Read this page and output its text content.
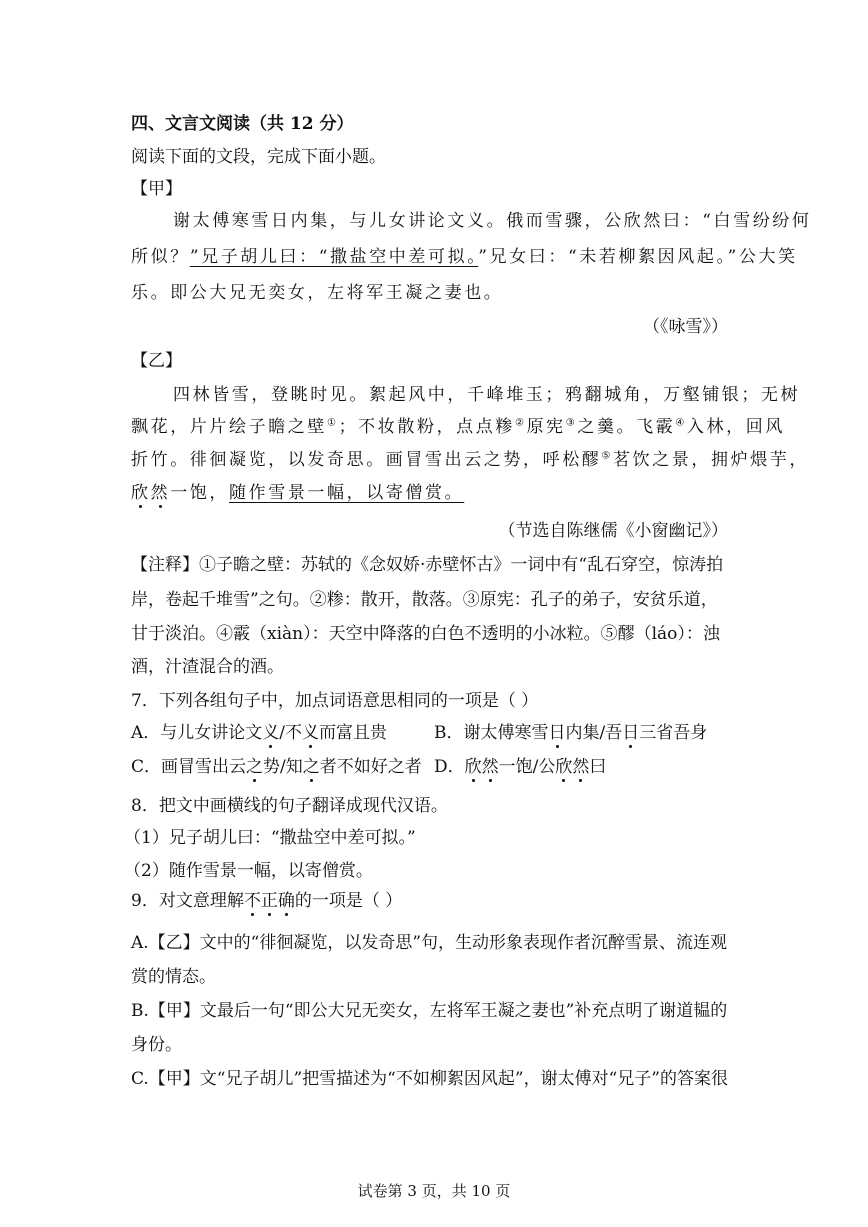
四、文言文阅读（共 12 分）
阅读下面的文段，完成下面小题。
【甲】
谢太傅寒雪日内集，与儿女讲论文义。俄而雪骤，公欣然曰：“白雪纷纷何
所似？”兄子胡儿曰：“撒盐空中差可拟。”兄女曰：“未若柳絮因风起。”公大笑
乐。即公大兄无奕女，左将军王凝之妻也。
（《咏雪》）
【乙】
四林皆雪，登眺时见。絮起风中，千峰堆玉；鸦翻城角，万壑铺银；无树
飘花，片片绘子瞻之壁①；不妆散粉，点点糁②原宪③之羹。飞霰④入林，回风
折竹。徘徊凝览，以发奇思。画冒雪出云之势，呼松醪⑤茗饮之景，拥炉煨芋，
欣然一饱，随作雪景一幅，以寄僧赏。
（节选自陈继儒《小窗幽记》）
【注释】①子瞻之壁：苏轼的《念奴娇·赤壁怀古》一词中有“乱石穿空，惊涛拍
岸，卷起千堆雪”之句。②糁：散开，散落。③原宪：孔子的弟子，安贫乐道，
甘于淡泊。④霰（xiàn）：天空中降落的白色不透明的小冰粒。⑤醪（láo）：浊
酒，汁渣混合的酒。
7．下列各组句子中，加点词语意思相同的一项是（ ）
A．与儿女讲论文义/不义而富且贵	B．谢太傅寒雪日内集/吾日三省吾身
C．画冒雪出云之势/知之者不如好之者 D．欣然一饱/公欣然曰
8．把文中画横线的句子翻译成现代汉语。
（1）兄子胡儿曰：“撒盐空中差可拟。”
（2）随作雪景一幅，以寄僧赏。
9．对文意理解不正确的一项是（ ）
A.【乙】文中的“徘徊凝览，以发奇思”句，生动形象表现作者沉醉雪景、流连观
赏的情态。
B.【甲】文最后一句“即公大兄无奕女，左将军王凝之妻也”补充点明了谢道韫的
身份。
C.【甲】文“兄子胡儿”把雪描述为“不如柳絮因风起”，谢太傅对“兄子”的答案很
试卷第 3 页，共 10 页
